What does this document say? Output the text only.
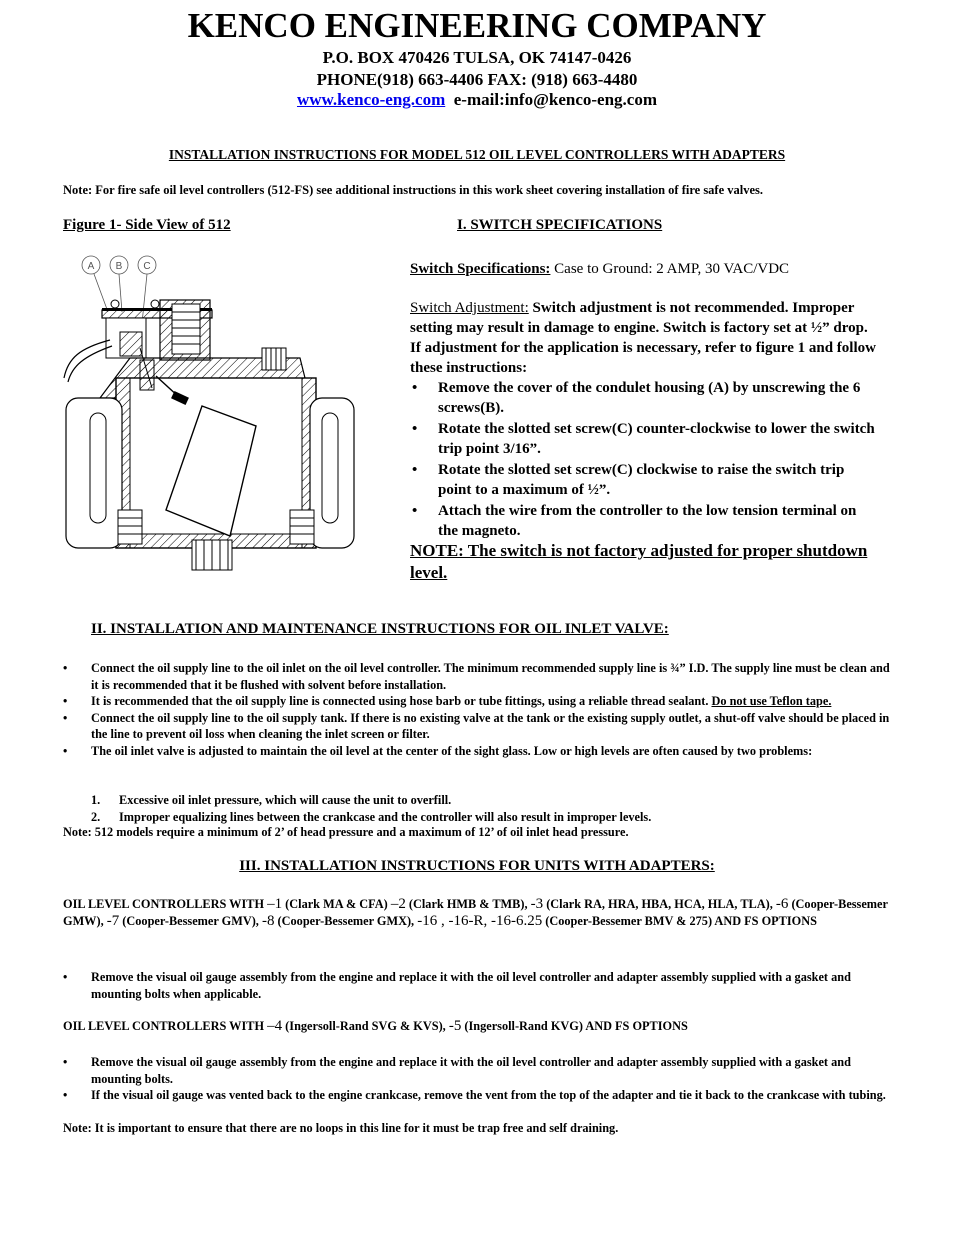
KENCO ENGINEERING COMPANY
P.O. BOX 470426 TULSA, OK 74147-0426
PHONE(918) 663-4406 FAX: (918) 663-4480
www.kenco-eng.com e-mail:info@kenco-eng.com
INSTALLATION INSTRUCTIONS FOR MODEL 512 OIL LEVEL CONTROLLERS WITH ADAPTERS
Note: For fire safe oil level controllers (512-FS) see additional instructions in this work sheet covering installation of fire safe valves.
Figure 1- Side View of 512	I. SWITCH SPECIFICATIONS
A B C	Switch Specifications: Case to Ground: 2 AMP, 30 VAC/VDC
Switch Adjustment: Switch adjustment is not recommended. Improper setting may result in damage to engine. Switch is factory set at ½” drop. If adjustment for the application is necessary, refer to figure 1 and follow these instructions:
• Remove the cover of the condulet housing (A) by unscrewing the 6 screws(B).
• Rotate the slotted set screw(C) counter-clockwise to lower the switch trip point 3/16”.
• Rotate the slotted set screw(C) clockwise to raise the switch trip point to a maximum of ½”.
• Attach the wire from the controller to the low tension terminal on the magneto.
NOTE: The switch is not factory adjusted for proper shutdown level.
II. INSTALLATION AND MAINTENANCE INSTRUCTIONS FOR OIL INLET VALVE:
• Connect the oil supply line to the oil inlet on the oil level controller. The minimum recommended supply line is ¾” I.D. The supply line must be clean and it is recommended that it be flushed with solvent before installation.
• It is recommended that the oil supply line is connected using hose barb or tube fittings, using a reliable thread sealant. Do not use Teflon tape.
• Connect the oil supply line to the oil supply tank. If there is no existing valve at the tank or the existing supply outlet, a shut-off valve should be placed in the line to prevent oil loss when cleaning the inlet screen or filter.
• The oil inlet valve is adjusted to maintain the oil level at the center of the sight glass. Low or high levels are often caused by two problems:
1. Excessive oil inlet pressure, which will cause the unit to overfill.
2. Improper equalizing lines between the crankcase and the controller will also result in improper levels.
Note: 512 models require a minimum of 2’ of head pressure and a maximum of 12’ of oil inlet head pressure.
III. INSTALLATION INSTRUCTIONS FOR UNITS WITH ADAPTERS:
OIL LEVEL CONTROLLERS WITH –1 (Clark MA & CFA) –2 (Clark HMB & TMB), -3 (Clark RA, HRA, HBA, HCA, HLA, TLA), -6 (Cooper-Bessemer GMW), -7 (Cooper-Bessemer GMV), -8 (Cooper-Bessemer GMX), -16 , -16-R, -16-6.25 (Cooper-Bessemer BMV & 275) AND FS OPTIONS
• Remove the visual oil gauge assembly from the engine and replace it with the oil level controller and adapter assembly supplied with a gasket and mounting bolts when applicable.
OIL LEVEL CONTROLLERS WITH –4 (Ingersoll-Rand SVG & KVS), -5 (Ingersoll-Rand KVG) AND FS OPTIONS
• Remove the visual oil gauge assembly from the engine and replace it with the oil level controller and adapter assembly supplied with a gasket and mounting bolts.
• If the visual oil gauge was vented back to the engine crankcase, remove the vent from the top of the adapter and tie it back to the crankcase with tubing.
Note: It is important to ensure that there are no loops in this line for it must be trap free and self draining.
